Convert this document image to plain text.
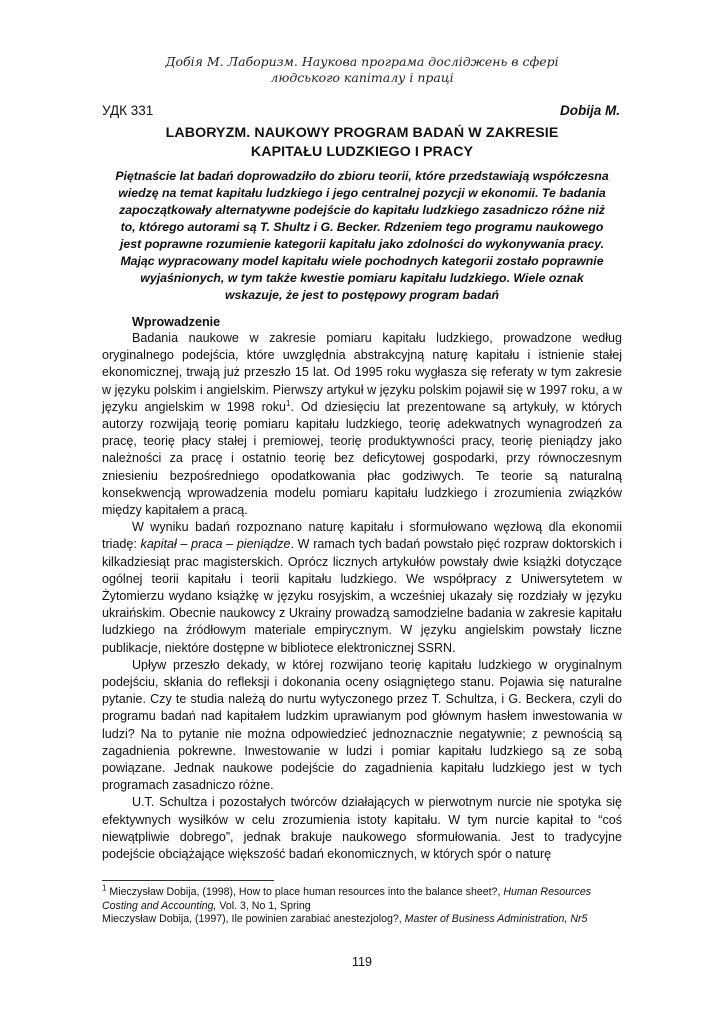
Добія М. Лаборизм. Наукова програма досліджень в сфері
людського капіталу і праці
УДК 331	Dobija M.
LABORYZM. NAUKOWY PROGRAM BADAŃ W ZAKRESIE
KAPITAŁU LUDZKIEGO I PRACY

Piętnaście lat badań doprowadziło do zbioru teorii, które przedstawiają współczesna wiedzę na temat kapitału ludzkiego i jego centralnej pozycji w ekonomii. Te badania zapoczątkowały alternatywne podejście do kapitału ludzkiego zasadniczo różne niż to, którego autorami są T. Shultz i G. Becker. Rdzeniem tego programu naukowego jest poprawne rozumienie kategorii kapitału jako zdolności do wykonywania pracy. Mając wypracowany model kapitału wiele pochodnych kategorii zostało poprawnie wyjaśnionych, w tym także kwestie pomiaru kapitału ludzkiego. Wiele oznak wskazuje, że jest to postępowy program badań

Wprowadzenie

Badania naukowe w zakresie pomiaru kapitału ludzkiego, prowadzone według oryginalnego podejścia, które uwzględnia abstrakcyjną naturę kapitału i istnienie stałej ekonomicznej, trwają już przeszło 15 lat. Od 1995 roku wygłasza się referaty w tym zakresie w języku polskim i angielskim. Pierwszy artykuł w języku polskim pojawił się w 1997 roku, a w języku angielskim w 1998 roku$^1$. Od dziesięciu lat prezentowane są artykuły, w których autorzy rozwijają teorię pomiaru kapitału ludzkiego, teorię adekwatnych wynagrodzeń za pracę, teorię płacy stałej i premiowej, teorię produktywności pracy, teorię pieniądzy jako należności za pracę i ostatnio teorię bez deficytowej gospodarki, przy równoczesnym zniesieniu bezpośredniego opodatkowania płac godziwych. Te teorie są naturalną konsekwencją wprowadzenia modelu pomiaru kapitału ludzkiego i zrozumienia związków między kapitałem a pracą.

W wyniku badań rozpoznano naturę kapitału i sformułowano węzłową dla ekonomii triadę: kapitał – praca – pieniądze. W ramach tych badań powstało pięć rozpraw doktorskich i kilkadziesiąt prac magisterskich. Oprócz licznych artykułów powstały dwie książki dotyczące ogólnej teorii kapitału i teorii kapitału ludzkiego. We współpracy z Uniwersytetem w Żytomierzu wydano książkę w języku rosyjskim, a wcześniej ukazały się rozdziały w języku ukraińskim. Obecnie naukowcy z Ukrainy prowadzą samodzielne badania w zakresie kapitału ludzkiego na źródłowym materiale empirycznym. W języku angielskim powstały liczne publikacje, niektóre dostępne w bibliotece elektronicznej SSRN.

Upływ przeszło dekady, w której rozwijano teorię kapitału ludzkiego w oryginalnym podejściu, skłania do refleksji i dokonania oceny osiągniętego stanu. Pojawia się naturalne pytanie. Czy te studia należą do nurtu wytyczonego przez T. Schultza, i G. Beckera, czyli do programu badań nad kapitałem ludzkim uprawianym pod głównym hasłem inwestowania w ludzi? Na to pytanie nie można odpowiedzieć jednoznacznie negatywnie; z pewnością są zagadnienia pokrewne. Inwestowanie w ludzi i pomiar kapitału ludzkiego są ze sobą powiązane. Jednak naukowe podejście do zagadnienia kapitału ludzkiego jest w tych programach zasadniczo różne.

U.T. Schultza i pozostałych twórców działających w pierwotnym nurcie nie spotyka się efektywnych wysiłków w celu zrozumienia istoty kapitału. W tym nurcie kapitał to “coś niewątpliwie dobrego”, jednak brakuje naukowego sformułowania. Jest to tradycyjne podejście obciążające większość badań ekonomicznych, w których spór o naturę

$^1$ Mieczysław Dobija, (1998), How to place human resources into the balance sheet?, Human Resources Costing and Accounting, Vol. 3, No 1, Spring

Mieczysław Dobija, (1997), Ile powinien zarabiać anestezjolog?, Master of Business Administration, Nr5

119
